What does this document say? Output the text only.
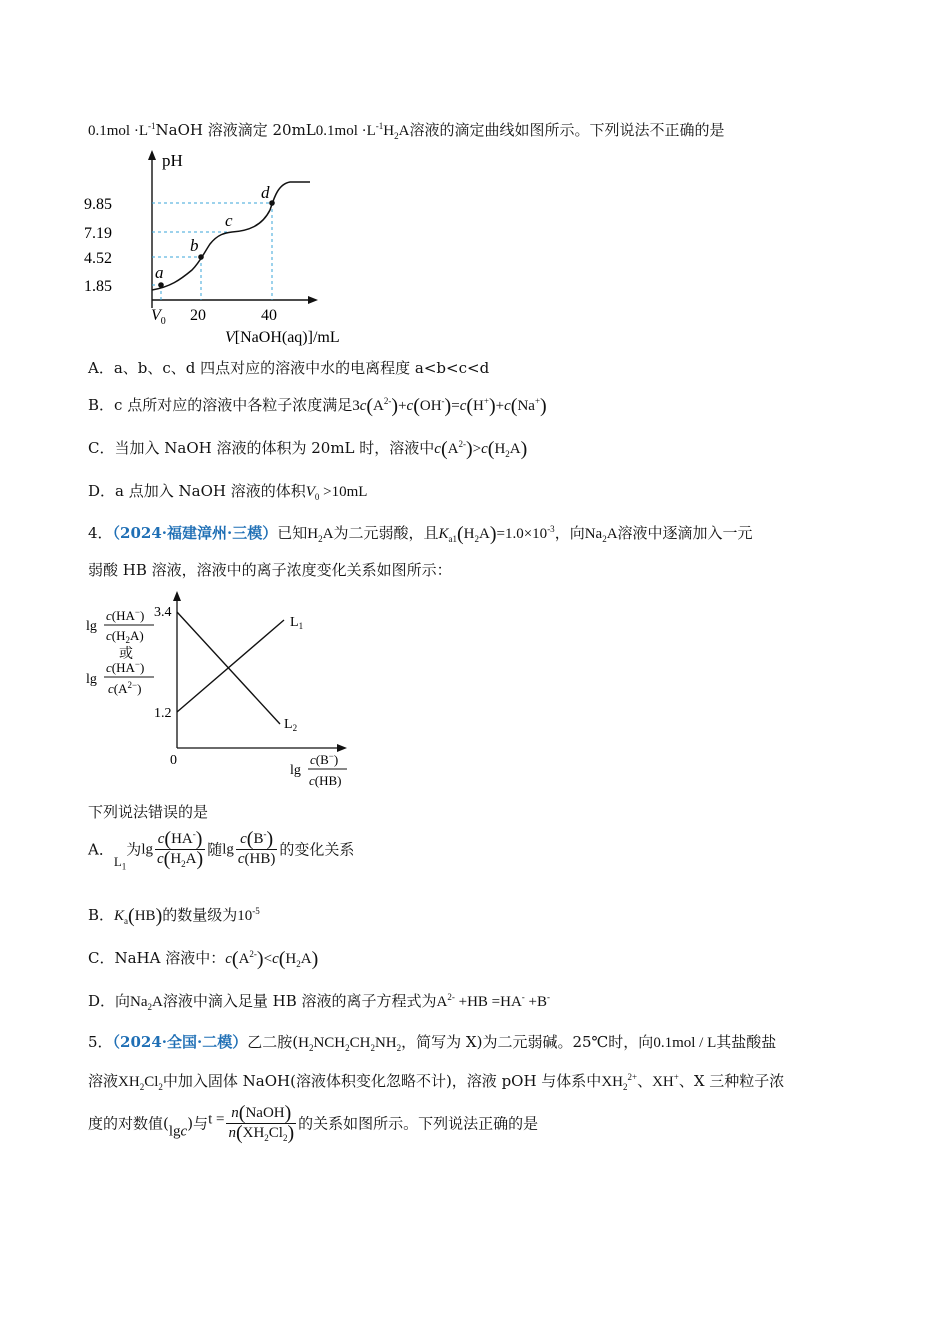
$0.1mol \cdot L^{-1}NaOH$ 溶液滴定 $20mL0.1mol \cdot L^{-1}H_2A$溶液的滴定曲线如图所示。下列说法不正确的是
pH
9.85
7.19
4.52
1.85
a
b
c
d
$V_0$ 20	40
V[NaOH(aq)]/mL
A．a、b、c、d 四点对应的溶液中水的电离程度 a<b<c<d
B．c 点所对应的溶液中各粒子浓度满足$3c(A^{2-})+c(OH^-)=c(H^+)+c(Na^+)$
C．当加入 NaOH 溶液的体积为 20mL 时，溶液中$c(A^{2-})>c(H_2A)$
D．a 点加入 NaOH 溶液的体积$V_0 >10mL$
4．（2024·福建漳州·三模）已知$H_2A$为二元弱酸，且$K_{a1}(H_2A)=1.0\times 10^{-3}$，向$Na_2A$溶液中逐滴加入一元
弱酸 HB 溶液，溶液中的离子浓度变化关系如图所示：
$L_1$
$L_2$
3.4
1.2
0
lg
c(HA−)
$c(H_2A)$
或
lg
c(HA−)
$c(A^{2-})$
lg
c(B−)
c(HB)
下列说法错误的是
A．$L_1$为$\lg \frac{c(HA^-)}{c(H_2A)}$ 随$\lg \frac{c(B^-)}{c(HB)}$ 的变化关系
B．$K_a(HB)$的数量级为$10^{-5}$
C．NaHA 溶液中：$c(A^{2-})<c(H_2A)$
D．向$Na_2A$溶液中滴入足量 HB 溶液的离子方程式为$A^{2-} +HB =HA^- +B^-$
5．（2024·全国·二模）乙二胺($H_2NCH_2CH_2NH_2$，简写为 X)为二元弱碱。25℃时，向0.1mol / L其盐酸盐
溶液$XH_2Cl_2$中加入固体 NaOH(溶液体积变化忽略不计)，溶液 pOH 与体系中$XH_2^{2+}$、XH+、X 三种粒子浓
度的对数值(lgc)与$t = \frac{\text{n(NaOH)}}{n(XH_2Cl_2)}$ 的关系如图所示。下列说法正确的是
